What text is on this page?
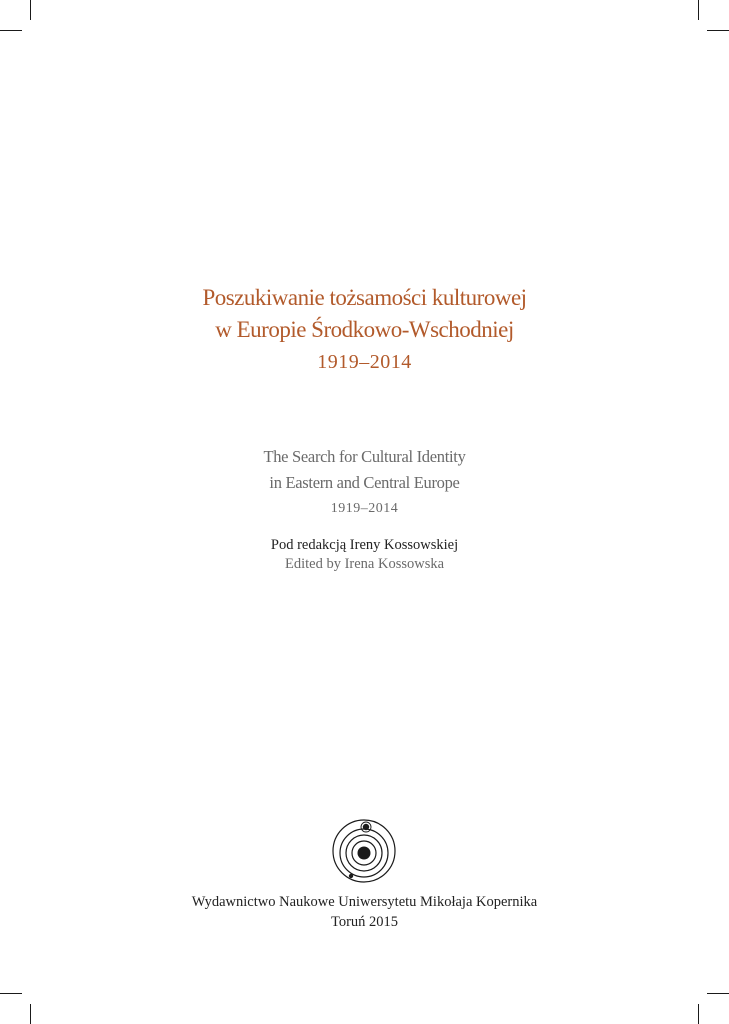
Poszukiwanie tożsamości kulturowej
w Europie Środkowo-Wschodniej
1919–2014
The Search for Cultural Identity
in Eastern and Central Europe
1919–2014
Pod redakcją Ireny Kossowskiej
Edited by Irena Kossowska
Wydawnictwo Naukowe Uniwersytetu Mikołaja Kopernika
Toruń 2015
